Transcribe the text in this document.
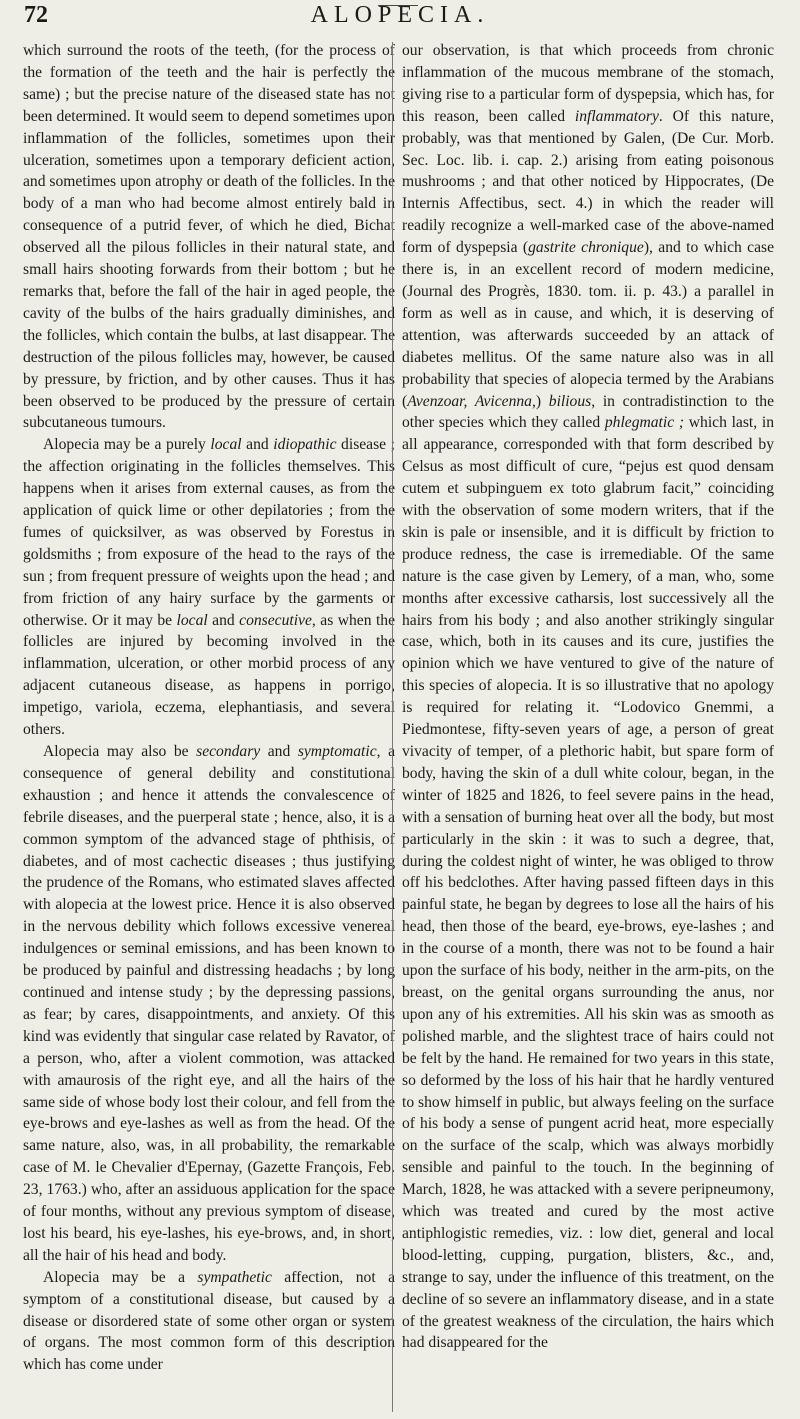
72	ALOPECIA.

which surround the roots of the teeth, (for the process of the formation of the teeth and the hair is perfectly the same) ; but the precise nature of the diseased state has not been determined. It would seem to depend sometimes upon inflammation of the follicles, sometimes upon their ulceration, sometimes upon a temporary deficient action, and sometimes upon atrophy or death of the follicles. In the body of a man who had become almost entirely bald in consequence of a putrid fever, of which he died, Bichat observed all the pilous follicles in their natural state, and small hairs shooting forwards from their bottom ; but he remarks that, before the fall of the hair in aged people, the cavity of the bulbs of the hairs gradually diminishes, and the follicles, which contain the bulbs, at last disappear. The destruction of the pilous follicles may, however, be caused by pressure, by friction, and by other causes. Thus it has been observed to be produced by the pressure of certain subcutaneous tumours.

Alopecia may be a purely local and idiopathic disease ; the affection originating in the follicles themselves. This happens when it arises from external causes, as from the application of quick lime or other depilatories ; from the fumes of quicksilver, as was observed by Forestus in goldsmiths ; from exposure of the head to the rays of the sun ; from frequent pressure of weights upon the head ; and from friction of any hairy surface by the garments or otherwise. Or it may be local and consecutive, as when the follicles are injured by becoming involved in the inflammation, ulceration, or other morbid process of any adjacent cutaneous disease, as happens in porrigo, impetigo, variola, eczema, elephantiasis, and several others.

Alopecia may also be secondary and symptomatic, a consequence of general debility and constitutional exhaustion ; and hence it attends the convalescence of febrile diseases, and the puerperal state ; hence, also, it is a common symptom of the advanced stage of phthisis, of diabetes, and of most cachectic diseases ; thus justifying the prudence of the Romans, who estimated slaves affected with alopecia at the lowest price. Hence it is also observed in the nervous debility which follows excessive venereal indulgences or seminal emissions, and has been known to be produced by painful and distressing headachs ; by long continued and intense study ; by the depressing passions, as fear; by cares, disappointments, and anxiety. Of this kind was evidently that singular case related by Ravator, of a person, who, after a violent commotion, was attacked with amaurosis of the right eye, and all the hairs of the same side of whose body lost their colour, and fell from the eye-brows and eye-lashes as well as from the head. Of the same nature, also, was, in all probability, the remarkable case of M. le Chevalier d'Epernay, (Gazette François, Feb. 23, 1763.) who, after an assiduous application for the space of four months, without any previous symptom of disease, lost his beard, his eye-lashes, his eye-brows, and, in short, all the hair of his head and body.

Alopecia may be a sympathetic affection, not a symptom of a constitutional disease, but caused by a disease or disordered state of some other organ or system of organs. The most common form of this description which has come under

our observation, is that which proceeds from chronic inflammation of the mucous membrane of the stomach, giving rise to a particular form of dyspepsia, which has, for this reason, been called inflammatory. Of this nature, probably, was that mentioned by Galen, (De Cur. Morb. Sec. Loc. lib. i. cap. 2.) arising from eating poisonous mushrooms ; and that other noticed by Hippocrates, (De Internis Affectibus, sect. 4.) in which the reader will readily recognize a well-marked case of the above-named form of dyspepsia (gastrite chronique), and to which case there is, in an excellent record of modern medicine, (Journal des Progrès, 1830. tom. ii. p. 43.) a parallel in form as well as in cause, and which, it is deserving of attention, was afterwards succeeded by an attack of diabetes mellitus. Of the same nature also was in all probability that species of alopecia termed by the Arabians (Avenzoar, Avicenna,) bilious, in contradistinction to the other species which they called phlegmatic ; which last, in all appearance, corresponded with that form described by Celsus as most difficult of cure, “pejus est quod densam cutem et subpinguem ex toto glabrum facit,” coinciding with the observation of some modern writers, that if the skin is pale or insensible, and it is difficult by friction to produce redness, the case is irremediable. Of the same nature is the case given by Lemery, of a man, who, some months after excessive catharsis, lost successively all the hairs from his body ; and also another strikingly singular case, which, both in its causes and its cure, justifies the opinion which we have ventured to give of the nature of this species of alopecia. It is so illustrative that no apology is required for relating it. “Lodovico Gnemmi, a Piedmontese, fifty-seven years of age, a person of great vivacity of temper, of a plethoric habit, but spare form of body, having the skin of a dull white colour, began, in the winter of 1825 and 1826, to feel severe pains in the head, with a sensation of burning heat over all the body, but most particularly in the skin : it was to such a degree, that, during the coldest night of winter, he was obliged to throw off his bedclothes. After having passed fifteen days in this painful state, he began by degrees to lose all the hairs of his head, then those of the beard, eye-brows, eye-lashes ; and in the course of a month, there was not to be found a hair upon the surface of his body, neither in the arm-pits, on the breast, on the genital organs surrounding the anus, nor upon any of his extremities. All his skin was as smooth as polished marble, and the slightest trace of hairs could not be felt by the hand. He remained for two years in this state, so deformed by the loss of his hair that he hardly ventured to show himself in public, but always feeling on the surface of his body a sense of pungent acrid heat, more especially on the surface of the scalp, which was always morbidly sensible and painful to the touch. In the beginning of March, 1828, he was attacked with a severe peripneumony, which was treated and cured by the most active antiphlogistic remedies, viz. : low diet, general and local blood-letting, cupping, purgation, blisters, &c., and, strange to say, under the influence of this treatment, on the decline of so severe an inflammatory disease, and in a state of the greatest weakness of the circulation, the hairs which had disappeared for the
